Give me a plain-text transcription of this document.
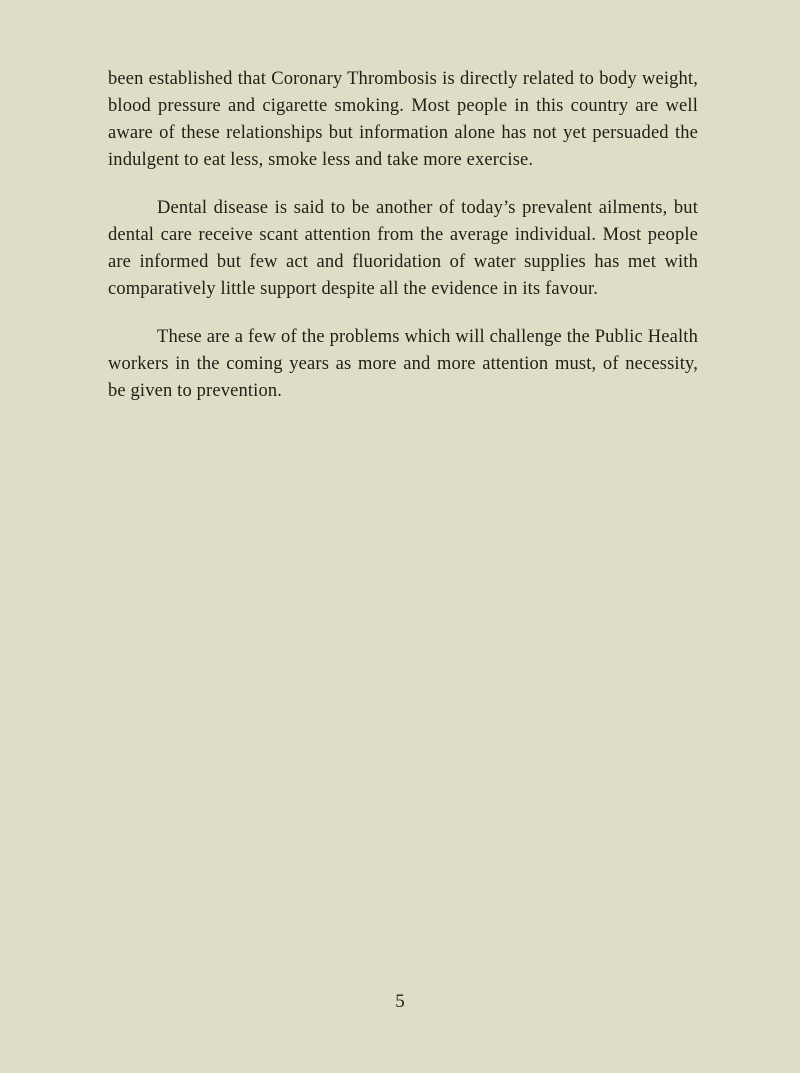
been established that Coronary Thrombosis is directly related to body weight, blood pressure and cigarette smoking. Most people in this country are well aware of these relationships but information alone has not yet persuaded the indulgent to eat less, smoke less and take more exercise.

Dental disease is said to be another of today’s prevalent ailments, but dental care receive scant attention from the average individual. Most people are informed but few act and fluoridation of water supplies has met with comparatively little support despite all the evidence in its favour.

These are a few of the problems which will challenge the Public Health workers in the coming years as more and more attention must, of necessity, be given to prevention.

5
